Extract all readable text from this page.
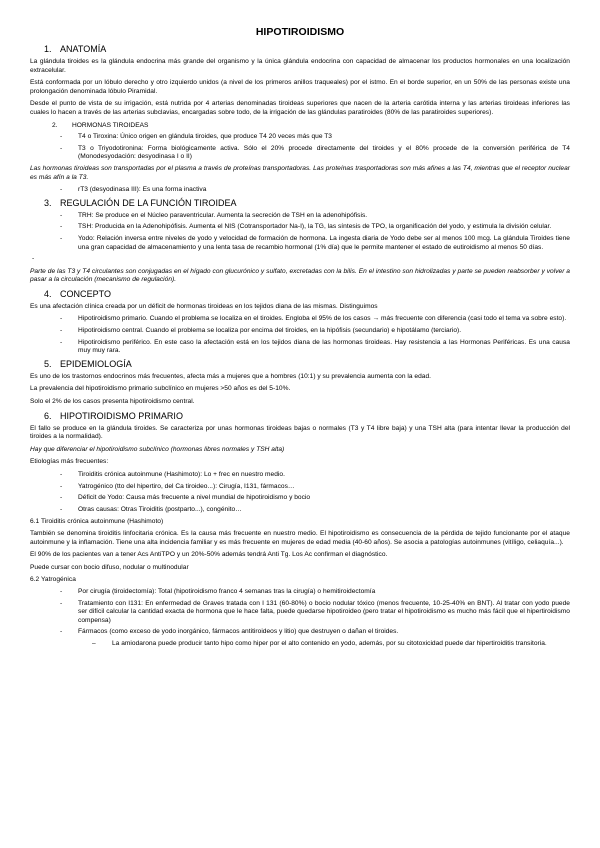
HIPOTIROIDISMO
1. ANATOMÍA

La glándula tiroides es la glándula endocrina más grande del organismo y la única glándula endocrina con capacidad de almacenar los productos hormonales en una localización extracelular.

Está conformada por un lóbulo derecho y otro izquierdo unidos (a nivel de los primeros anillos traqueales) por el istmo. En el borde superior, en un 50% de las personas existe una prolongación denominada lóbulo Piramidal.

Desde el punto de vista de su irrigación, está nutrida por 4 arterias denominadas tiroideas superiores que nacen de la arteria carótida interna y las arterias tiroideas inferiores las cuales lo hacen a través de las arterias subclavias, encargadas sobre todo, de la irrigación de las glándulas paratiroides (80% de las paratiroides superiores).

2. HORMONAS TIROIDEAS
- T4 o Tiroxina: Único origen en glándula tiroides, que produce T4 20 veces más que T3
- T3 o Triyodotironina: Forma biológicamente activa. Sólo el 20% procede directamente del tiroides y el 80% procede de la conversión periférica de T4 (Monodesyodación: desyodinasa I o II)

Las hormonas tiroideas son transportadas por el plasma a través de proteínas transportadoras. Las proteínas trasportadoras son más afines a las T4, mientras que el receptor nuclear es más afín a la T3.

- rT3 (desyodinasa III): Es una forma inactiva
3. REGULACIÓN DE LA FUNCIÓN TIROIDEA
- TRH: Se produce en el Núcleo paraventricular. Aumenta la secreción de TSH en la adenohipófisis.
- TSH: Producida en la Adenohipófisis. Aumenta el NIS (Cotransportador Na-I), la TG, las síntesis de TPO, la organificación del yodo, y estimula la división celular.
- Yodo: Relación inversa entre niveles de yodo y velocidad de formación de hormona. La ingesta diaria de Yodo debe ser al menos 100 mcg. La glándula Tiroides tiene una gran capacidad de almacenamiento y una lenta tasa de recambio hormonal (1% día) que le permite mantener el estado de eutiroidismo al menos 50 días.
-

Parte de las T3 y T4 circulantes son conjugadas en el hígado con glucurónico y sulfato, excretadas con la bilis. En el intestino son hidrolizadas y parte se pueden reabsorber y volver a pasar a la circulación (mecanismo de regulación).

4. CONCEPTO

Es una afectación clínica creada por un déficit de hormonas tiroideas en los tejidos diana de las mismas. Distinguimos

- Hipotiroidismo primario. Cuando el problema se localiza en el tiroides. Engloba el 95% de los casos → más frecuente con diferencia (casi todo el tema va sobre esto).
- Hipotiroidismo central. Cuando el problema se localiza por encima del tiroides, en la hipófisis (secundario) e hipotálamo (terciario).
- Hipotiroidismo periférico. En este caso la afectación está en los tejidos diana de las hormonas tiroideas. Hay resistencia a las Hormonas Periféricas. Es una causa muy muy rara.
5. EPIDEMIOLOGÍA

Es uno de los trastornos endocrinos más frecuentes, afecta más a mujeres que a hombres (10:1) y su prevalencia aumenta con la edad.

La prevalencia del hipotiroidismo primario subclínico en mujeres >50 años es del 5-10%.

Solo el 2% de los casos presenta hipotiroidismo central.

6. HIPOTIROIDISMO PRIMARIO

El fallo se produce en la glándula tiroides. Se caracteriza por unas hormonas tiroideas bajas o normales (T3 y T4 libre baja) y una TSH alta (para intentar llevar la producción del tiroides a la normalidad).

Hay que diferenciar el hipotiroidismo subclínico (hormonas libres normales y TSH alta)

Etiologías más frecuentes:

- Tiroiditis crónica autoinmune (Hashimoto): Lo + frec en nuestro medio.
- Yatrogénico (tto del hipertiro, del Ca tiroideo...): Cirugía, I131, fármacos…
- Déficit de Yodo: Causa más frecuente a nivel mundial de hipotiroidismo y bocio
- Otras causas: Otras Tiroiditis (postparto...), congénito…
6.1 Tiroiditis crónica autoinmune (Hashimoto)

También se denomina tiroiditis linfocitaria crónica. Es la causa más frecuente en nuestro medio. El hipotiroidismo es consecuencia de la pérdida de tejido funcionante por el ataque autoinmune y la inflamación. Tiene una alta incidencia familiar y es más frecuente en mujeres de edad media (40-60 años). Se asocia a patologías autoinmunes (vitíligo, celiaquía...).

El 90% de los pacientes van a tener Acs AntiTPO y un 20%-50% además tendrá Anti Tg. Los Ac confirman el diagnóstico.

Puede cursar con bocio difuso, nodular o multinodular

6.2 Yatrogénica
- Por cirugía (tiroidectomía): Total (hipotiroidismo franco 4 semanas tras la cirugía) o hemitiroidectomía
- Tratamiento con I131: En enfermedad de Graves tratada con I 131 (60-80%) o bocio nodular tóxico (menos frecuente, 10-25-40% en BNT). Al tratar con yodo puede ser difícil calcular la cantidad exacta de hormona que le hace falta, puede quedarse hipotiroideo (pero tratar el hipotiroidismo es mucho más fácil que el hipertiroidismo compensa)
- Fármacos (como exceso de yodo inorgánico, fármacos antitiroideos y litio) que destruyen o dañan el tiroides.
– La amiodarona puede producir tanto hipo como hiper por el alto contenido en yodo, además, por su citotoxicidad puede dar hipertiroiditis transitoria.
